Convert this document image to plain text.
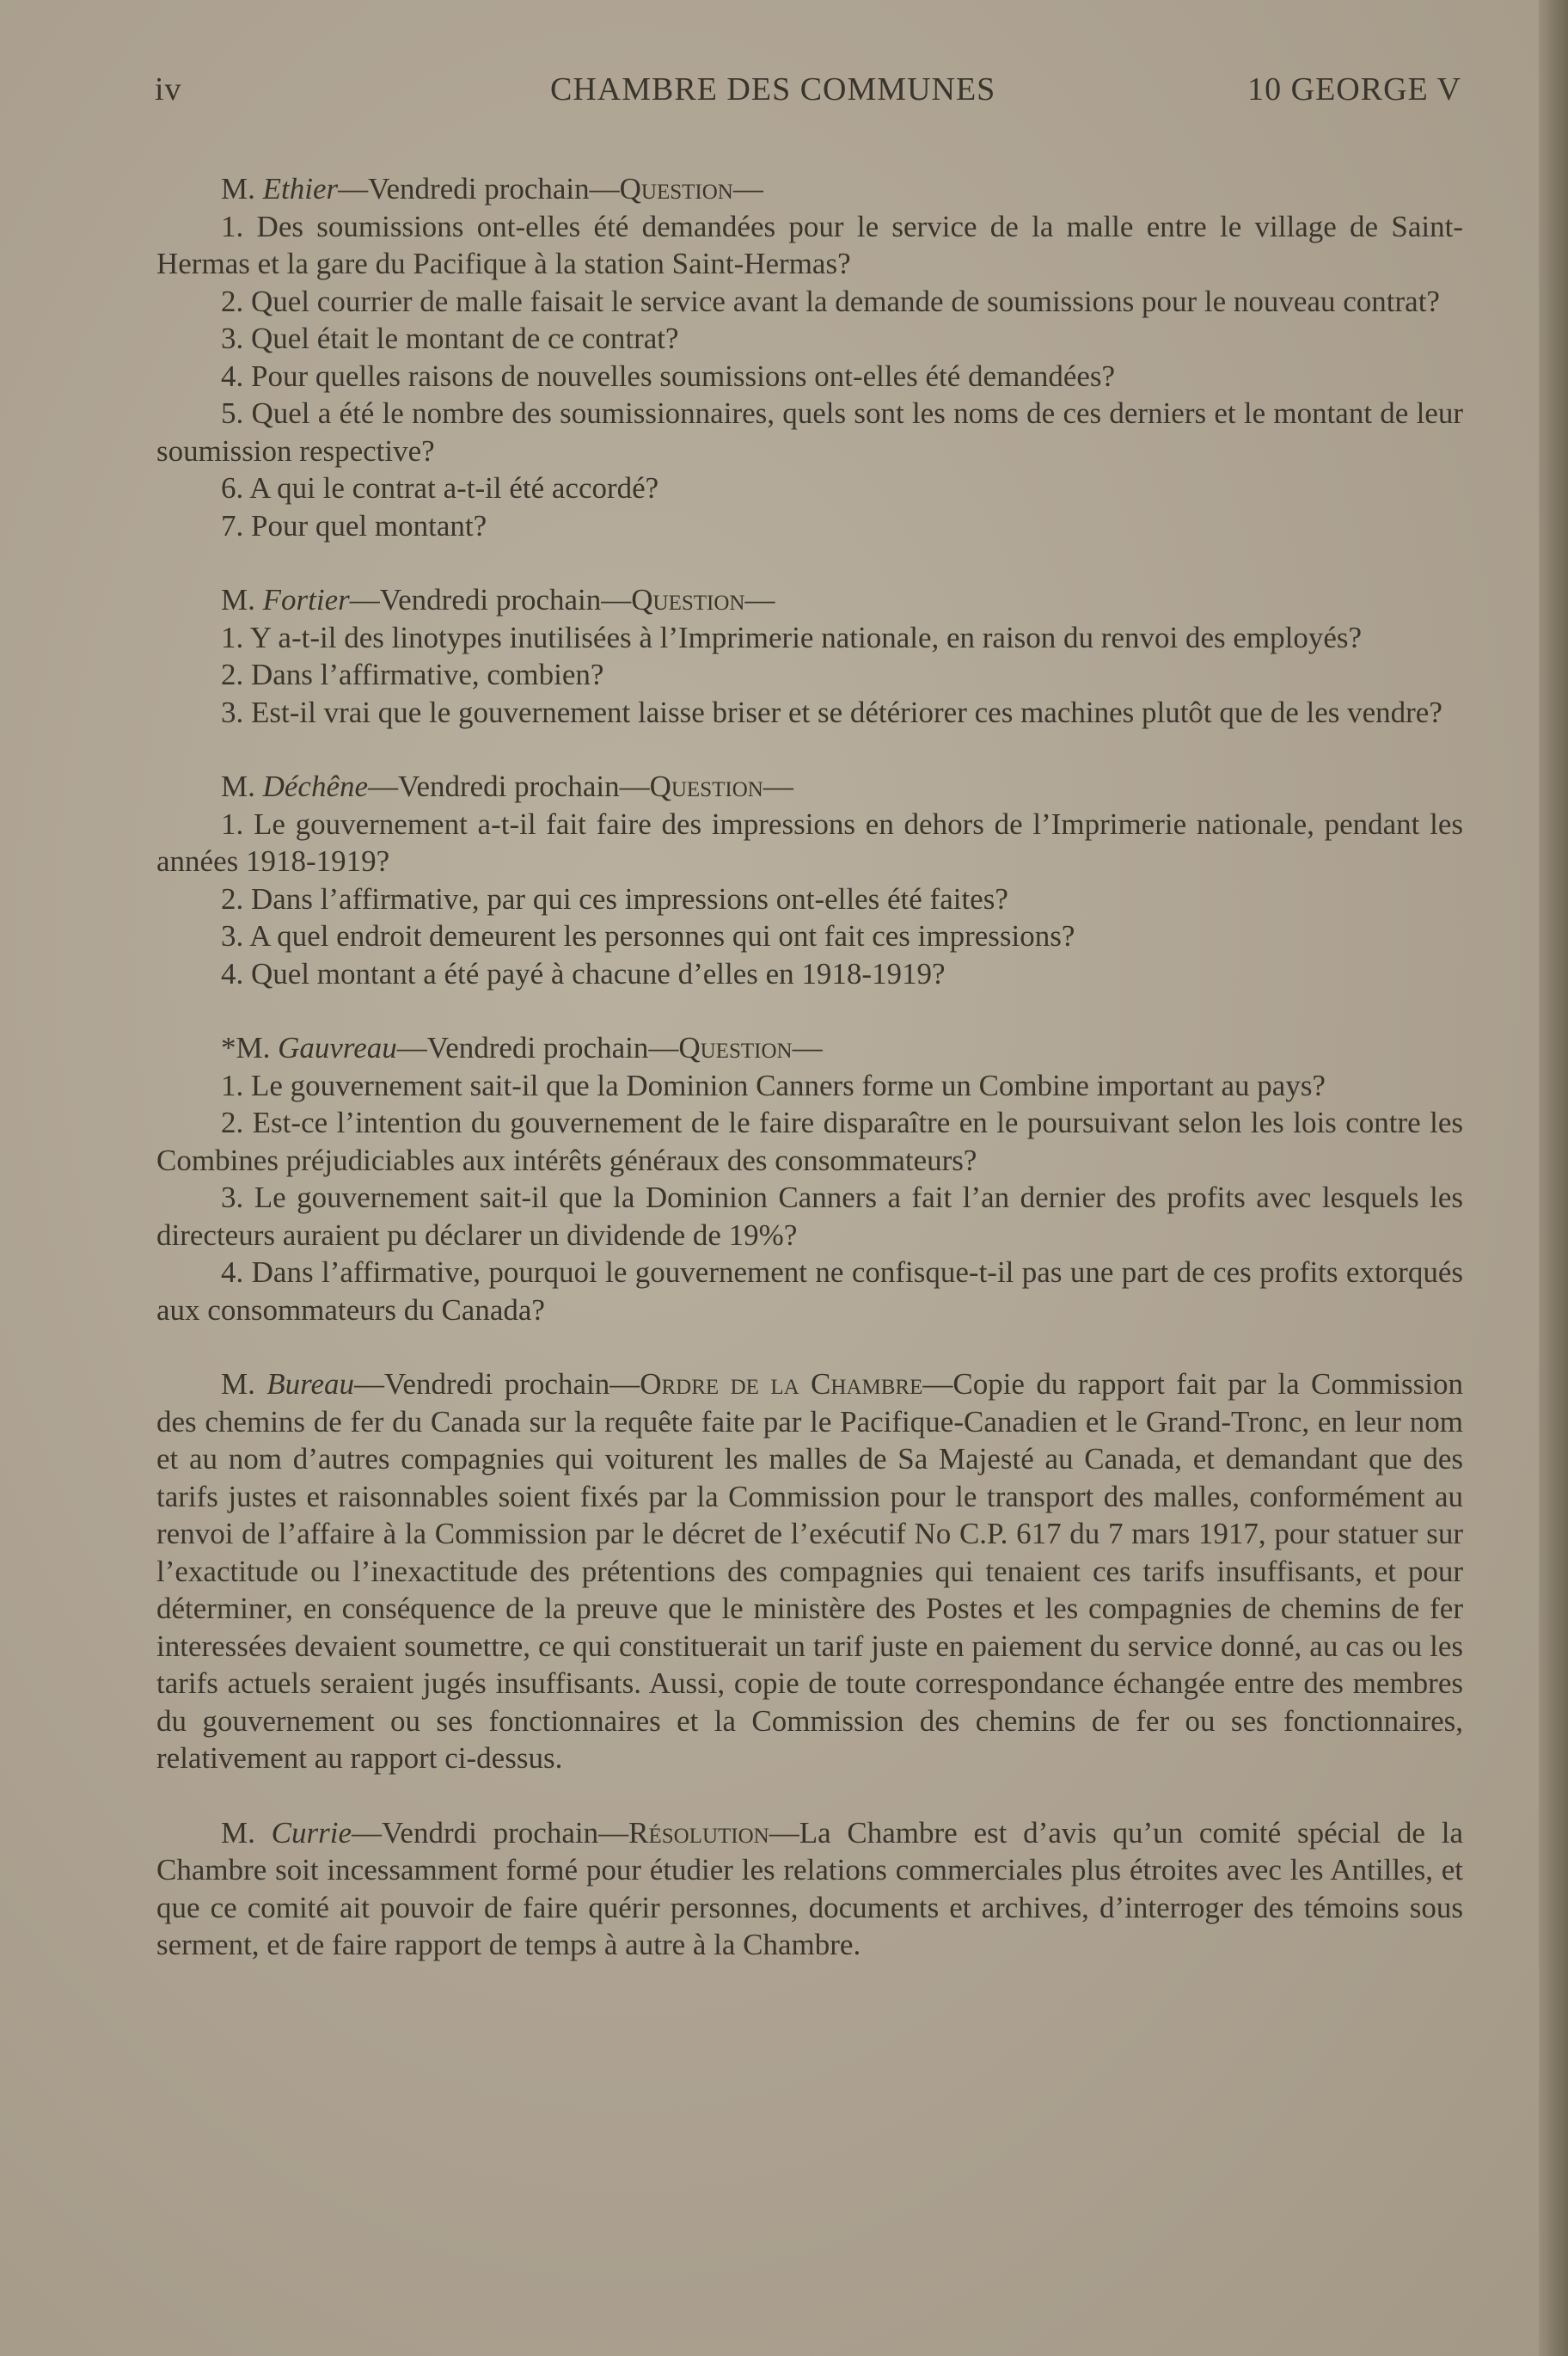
iv	CHAMBRE DES COMMUNES	10 GEORGE V

M. Ethier—Vendredi prochain—Question—

1. Des soumissions ont-elles été demandées pour le service de la malle entre le village de Saint-Hermas et la gare du Pacifique à la station Saint-Hermas?

2. Quel courrier de malle faisait le service avant la demande de soumissions pour le nouveau contrat?

3. Quel était le montant de ce contrat?

4. Pour quelles raisons de nouvelles soumissions ont-elles été demandées?

5. Quel a été le nombre des soumissionnaires, quels sont les noms de ces derniers et le montant de leur soumission respective?

6. A qui le contrat a-t-il été accordé?

7. Pour quel montant?

M. Fortier—Vendredi prochain—Question—

1. Y a-t-il des linotypes inutilisées à l’Imprimerie nationale, en raison du renvoi des employés?

2. Dans l’affirmative, combien?

3. Est-il vrai que le gouvernement laisse briser et se détériorer ces machines plutôt que de les vendre?

M. Déchêne—Vendredi prochain—Question—

1. Le gouvernement a-t-il fait faire des impressions en dehors de l’Imprimerie nationale, pendant les années 1918-1919?

2. Dans l’affirmative, par qui ces impressions ont-elles été faites?

3. A quel endroit demeurent les personnes qui ont fait ces impressions?

4. Quel montant a été payé à chacune d’elles en 1918-1919?

*M. Gauvreau—Vendredi prochain—Question—

1. Le gouvernement sait-il que la Dominion Canners forme un Combine important au pays?

2. Est-ce l’intention du gouvernement de le faire disparaître en le poursuivant selon les lois contre les Combines préjudiciables aux intérêts généraux des consommateurs?

3. Le gouvernement sait-il que la Dominion Canners a fait l’an dernier des profits avec lesquels les directeurs auraient pu déclarer un dividende de 19%?

4. Dans l’affirmative, pourquoi le gouvernement ne confisque-t-il pas une part de ces profits extorqués aux consommateurs du Canada?

M. Bureau—Vendredi prochain—Ordre de la Chambre—Copie du rapport fait par la Commission des chemins de fer du Canada sur la requête faite par le Pacifique-Canadien et le Grand-Tronc, en leur nom et au nom d’autres compagnies qui voiturent les malles de Sa Majesté au Canada, et demandant que des tarifs justes et raisonnables soient fixés par la Commission pour le transport des malles, conformément au renvoi de l’affaire à la Commission par le décret de l’exécutif No C.P. 617 du 7 mars 1917, pour statuer sur l’exactitude ou l’inexactitude des prétentions des compagnies qui tenaient ces tarifs insuffisants, et pour déterminer, en conséquence de la preuve que le ministère des Postes et les compagnies de chemins de fer interessées devaient soumettre, ce qui constituerait un tarif juste en paiement du service donné, au cas ou les tarifs actuels seraient jugés insuffisants. Aussi, copie de toute correspondance échangée entre des membres du gouvernement ou ses fonctionnaires et la Commission des chemins de fer ou ses fonctionnaires, relativement au rapport ci-dessus.

M. Currie—Vendrdi prochain—Résolution—La Chambre est d’avis qu’un comité spécial de la Chambre soit incessamment formé pour étudier les relations commerciales plus étroites avec les Antilles, et que ce comité ait pouvoir de faire quérir personnes, documents et archives, d’interroger des témoins sous serment, et de faire rapport de temps à autre à la Chambre.
